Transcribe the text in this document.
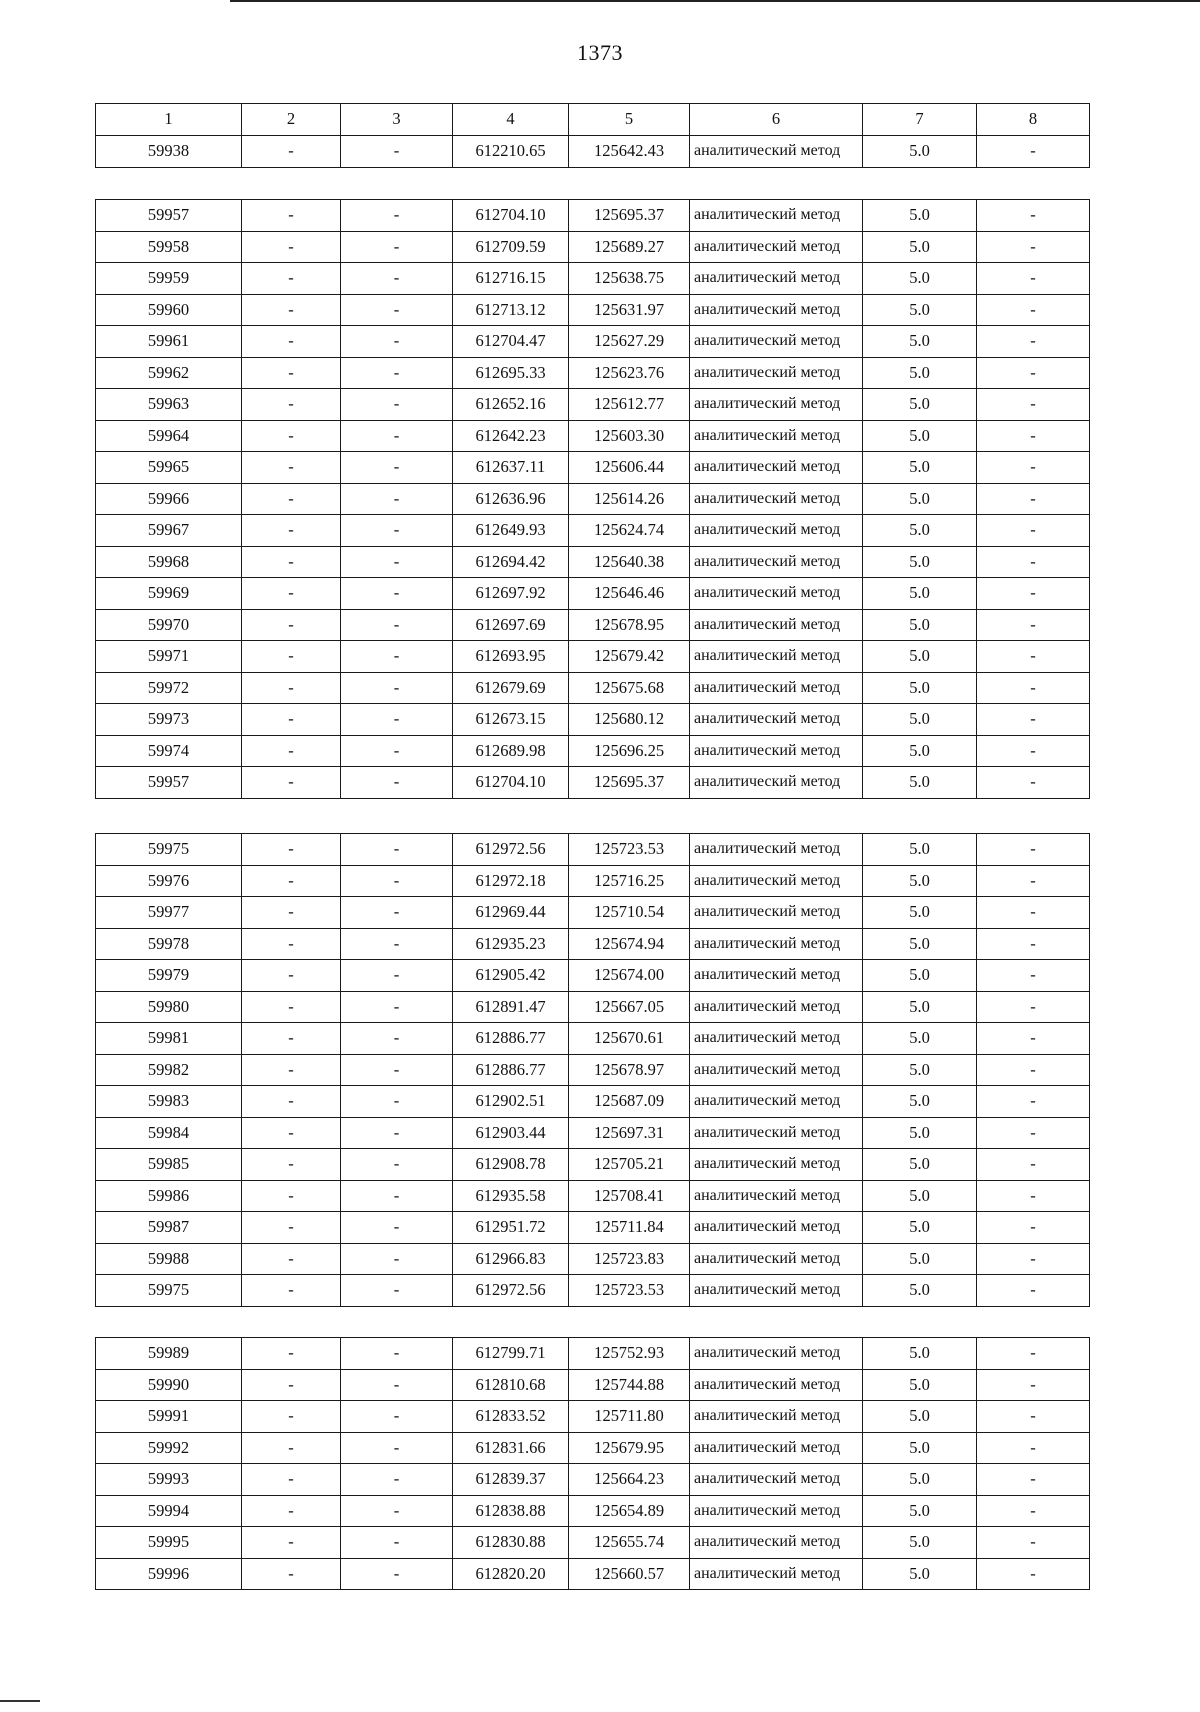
1373
1	2	3	4	5	6	7	8
59938	-	-	612210.65	125642.43	аналитический метод	5.0	-
59957	-	-	612704.10	125695.37	аналитический метод	5.0	-
59958	-	-	612709.59	125689.27	аналитический метод	5.0	-
59959	-	-	612716.15	125638.75	аналитический метод	5.0	-
59960	-	-	612713.12	125631.97	аналитический метод	5.0	-
59961	-	-	612704.47	125627.29	аналитический метод	5.0	-
59962	-	-	612695.33	125623.76	аналитический метод	5.0	-
59963	-	-	612652.16	125612.77	аналитический метод	5.0	-
59964	-	-	612642.23	125603.30	аналитический метод	5.0	-
59965	-	-	612637.11	125606.44	аналитический метод	5.0	-
59966	-	-	612636.96	125614.26	аналитический метод	5.0	-
59967	-	-	612649.93	125624.74	аналитический метод	5.0	-
59968	-	-	612694.42	125640.38	аналитический метод	5.0	-
59969	-	-	612697.92	125646.46	аналитический метод	5.0	-
59970	-	-	612697.69	125678.95	аналитический метод	5.0	-
59971	-	-	612693.95	125679.42	аналитический метод	5.0	-
59972	-	-	612679.69	125675.68	аналитический метод	5.0	-
59973	-	-	612673.15	125680.12	аналитический метод	5.0	-
59974	-	-	612689.98	125696.25	аналитический метод	5.0	-
59957	-	-	612704.10	125695.37	аналитический метод	5.0	-
59975	-	-	612972.56	125723.53	аналитический метод	5.0	-
59976	-	-	612972.18	125716.25	аналитический метод	5.0	-
59977	-	-	612969.44	125710.54	аналитический метод	5.0	-
59978	-	-	612935.23	125674.94	аналитический метод	5.0	-
59979	-	-	612905.42	125674.00	аналитический метод	5.0	-
59980	-	-	612891.47	125667.05	аналитический метод	5.0	-
59981	-	-	612886.77	125670.61	аналитический метод	5.0	-
59982	-	-	612886.77	125678.97	аналитический метод	5.0	-
59983	-	-	612902.51	125687.09	аналитический метод	5.0	-
59984	-	-	612903.44	125697.31	аналитический метод	5.0	-
59985	-	-	612908.78	125705.21	аналитический метод	5.0	-
59986	-	-	612935.58	125708.41	аналитический метод	5.0	-
59987	-	-	612951.72	125711.84	аналитический метод	5.0	-
59988	-	-	612966.83	125723.83	аналитический метод	5.0	-
59975	-	-	612972.56	125723.53	аналитический метод	5.0	-
59989	-	-	612799.71	125752.93	аналитический метод	5.0	-
59990	-	-	612810.68	125744.88	аналитический метод	5.0	-
59991	-	-	612833.52	125711.80	аналитический метод	5.0	-
59992	-	-	612831.66	125679.95	аналитический метод	5.0	-
59993	-	-	612839.37	125664.23	аналитический метод	5.0	-
59994	-	-	612838.88	125654.89	аналитический метод	5.0	-
59995	-	-	612830.88	125655.74	аналитический метод	5.0	-
59996	-	-	612820.20	125660.57	аналитический метод	5.0	-
